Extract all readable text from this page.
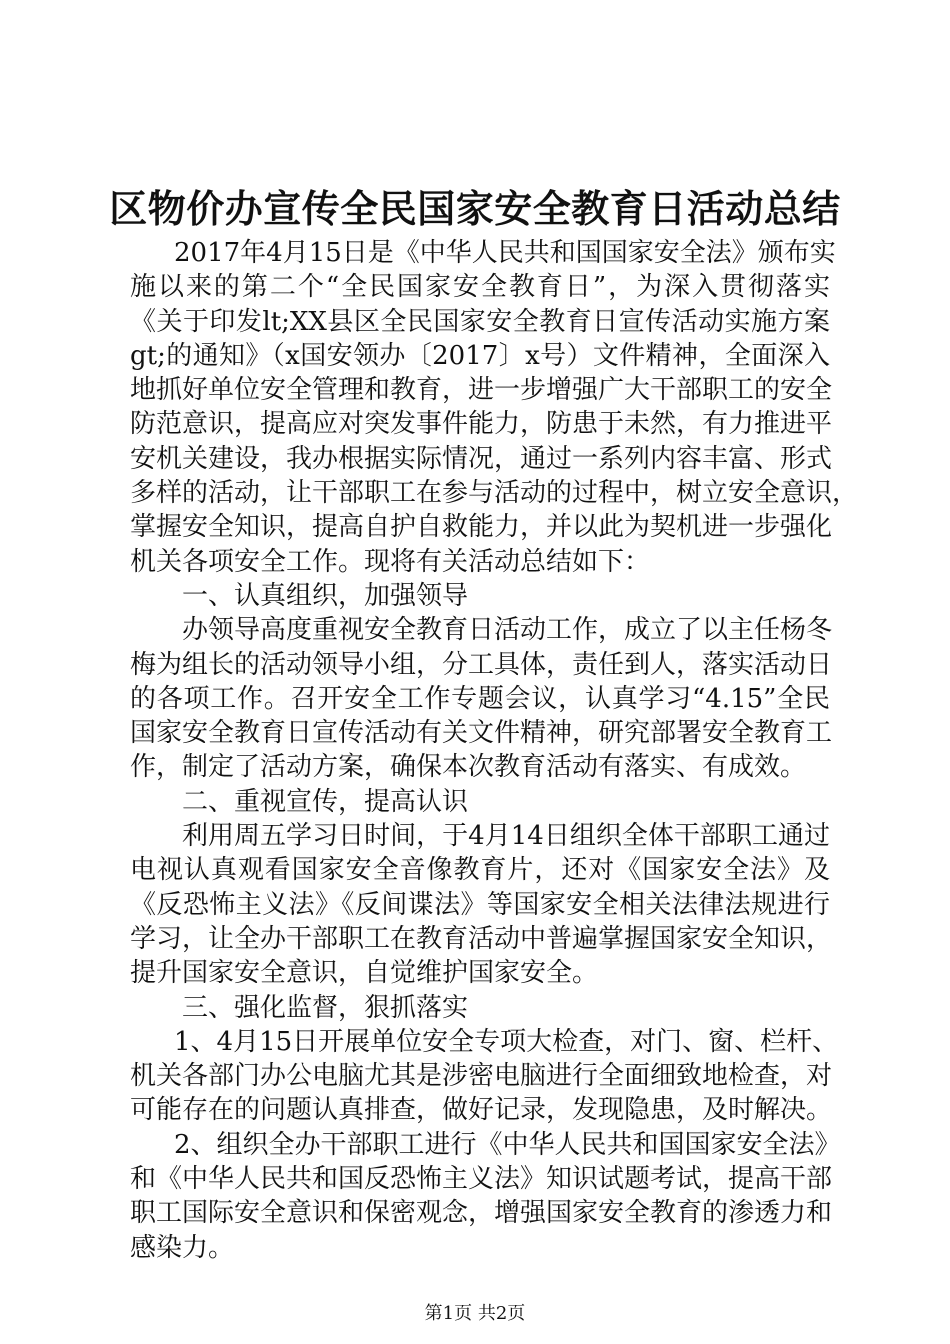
区物价办宣传全民国家安全教育日活动总结
2017年4月15日是《中华人民共和国国家安全法》颁布实
施以来的第二个“全民国家安全教育日”，为深入贯彻落实
《关于印发lt;XX县区全民国家安全教育日宣传活动实施方案
gt;的通知》（x国安领办〔2017〕x号）文件精神，全面深入
地抓好单位安全管理和教育，进一步增强广大干部职工的安全
防范意识，提高应对突发事件能力，防患于未然，有力推进平
安机关建设，我办根据实际情况，通过一系列内容丰富、形式
多样的活动，让干部职工在参与活动的过程中，树立安全意识，
掌握安全知识，提高自护自救能力，并以此为契机进一步强化
机关各项安全工作。现将有关活动总结如下：
一、认真组织，加强领导
办领导高度重视安全教育日活动工作，成立了以主任杨冬
梅为组长的活动领导小组，分工具体，责任到人，落实活动日
的各项工作。召开安全工作专题会议，认真学习“4.15”全民
国家安全教育日宣传活动有关文件精神，研究部署安全教育工
作，制定了活动方案，确保本次教育活动有落实、有成效。
二、重视宣传，提高认识
利用周五学习日时间，于4月14日组织全体干部职工通过
电视认真观看国家安全音像教育片，还对《国家安全法》及
《反恐怖主义法》《反间谍法》等国家安全相关法律法规进行
学习，让全办干部职工在教育活动中普遍掌握国家安全知识，
提升国家安全意识，自觉维护国家安全。
三、强化监督，狠抓落实
1、4月15日开展单位安全专项大检查，对门、窗、栏杆、
机关各部门办公电脑尤其是涉密电脑进行全面细致地检查，对
可能存在的问题认真排查，做好记录，发现隐患，及时解决。
2、组织全办干部职工进行《中华人民共和国国家安全法》
和《中华人民共和国反恐怖主义法》知识试题考试，提高干部
职工国际安全意识和保密观念，增强国家安全教育的渗透力和
感染力。
第1页 共2页
